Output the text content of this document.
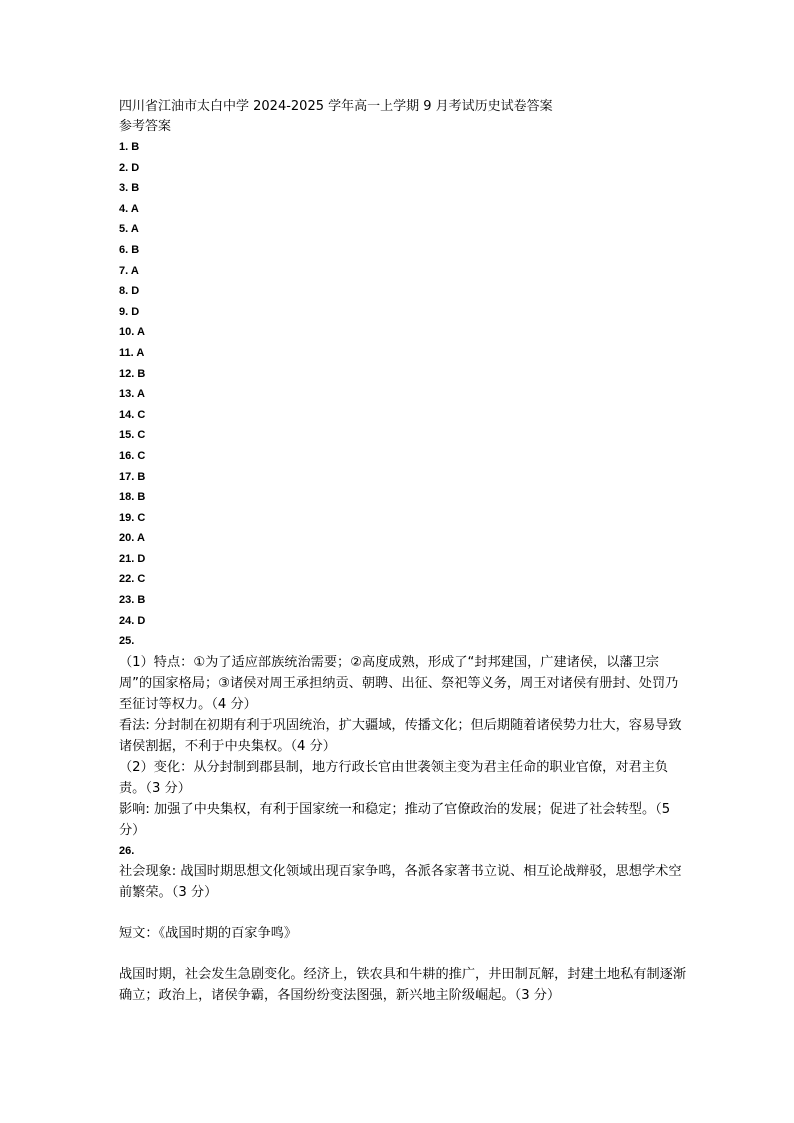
四川省江油市太白中学 2024-2025 学年高一上学期 9 月考试历史试卷答案
参考答案
1. B
2. D
3. B
4. A
5. A
6. B
7. A
8. D
9. D
10. A
11. A
12. B
13. A
14. C
15. C
16. C
17. B
18. B
19. C
20. A
21. D
22. C
23. B
24. D
25.
（1）特点：①为了适应部族统治需要；②高度成熟，形成了“封邦建国，广建诸侯，以藩卫宗周”的国家格局；③诸侯对周王承担纳贡、朝聘、出征、祭祀等义务，周王对诸侯有册封、处罚乃至征讨等权力。（4 分）
看法: 分封制在初期有利于巩固统治，扩大疆域，传播文化；但后期随着诸侯势力壮大，容易导致诸侯割据，不利于中央集权。（4 分）
（2）变化：从分封制到郡县制，地方行政长官由世袭领主变为君主任命的职业官僚，对君主负责。（3 分）
影响: 加强了中央集权，有利于国家统一和稳定；推动了官僚政治的发展；促进了社会转型。（5 分）
26.
社会现象: 战国时期思想文化领域出现百家争鸣，各派各家著书立说、相互论战辩驳，思想学术空前繁荣。（3 分）
短文：《战国时期的百家争鸣》
战国时期，社会发生急剧变化。经济上，铁农具和牛耕的推广，井田制瓦解，封建土地私有制逐渐确立；政治上，诸侯争霸，各国纷纷变法图强，新兴地主阶级崛起。（3 分）
